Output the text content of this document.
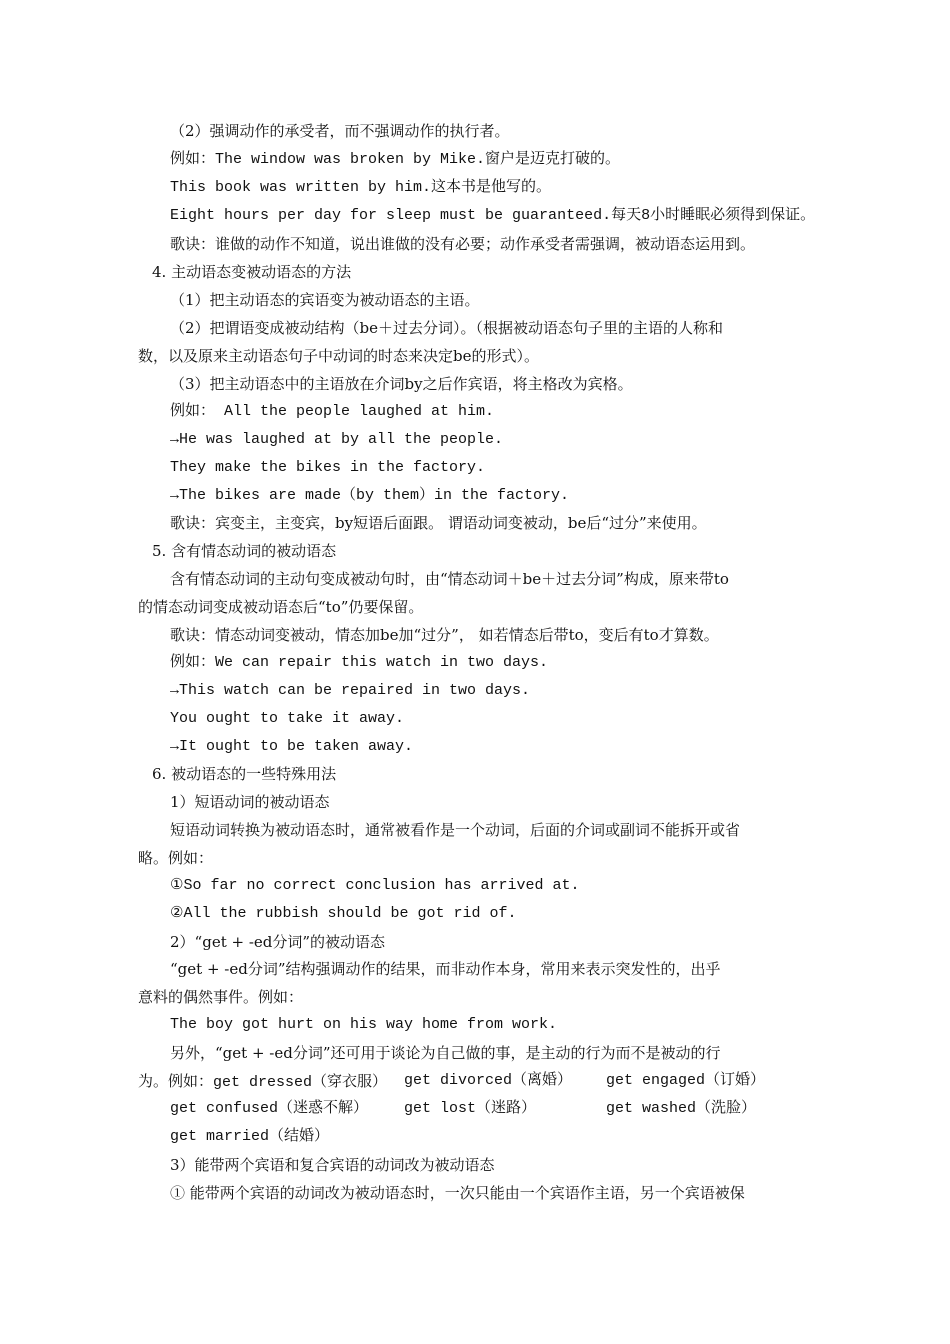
（2）强调动作的承受者，而不强调动作的执行者。
例如：The window was broken by Mike.窗户是迈克打破的。
This book was written by him.这本书是他写的。
Eight hours per day for sleep must be guaranteed.每天8小时睡眠必须得到保证。
歌诀：谁做的动作不知道，说出谁做的没有必要；动作承受者需强调，被动语态运用到。
4. 主动语态变被动语态的方法
（1）把主动语态的宾语变为被动语态的主语。
（2）把谓语变成被动结构（be＋过去分词）。（根据被动语态句子里的主语的人称和
数，以及原来主动语态句子中动词的时态来决定be的形式）。
（3）把主动语态中的主语放在介词by之后作宾语，将主格改为宾格。
例如： All the people laughed at him.
→He was laughed at by all the people.
They make the bikes in the factory.
→The bikes are made（by them）in the factory.
歌诀：宾变主，主变宾，by短语后面跟。 谓语动词变被动，be后“过分”来使用。
5. 含有情态动词的被动语态
含有情态动词的主动句变成被动句时，由“情态动词＋be＋过去分词”构成，原来带to
的情态动词变成被动语态后“to”仍要保留。
歌诀：情态动词变被动，情态加be加“过分”， 如若情态后带to，变后有to才算数。
例如：We can repair this watch in two days.
→This watch can be repaired in two days.
You ought to take it away.
→It ought to be taken away.
6. 被动语态的一些特殊用法
1）短语动词的被动语态
短语动词转换为被动语态时，通常被看作是一个动词，后面的介词或副词不能拆开或省
略。例如：
①So far no correct conclusion has arrived at.
②All the rubbish should be got rid of.
2）“get + -ed分词”的被动语态
“get + -ed分词”结构强调动作的结果，而非动作本身，常用来表示突发性的，出乎
意料的偶然事件。例如：
The boy got hurt on his way home from work.
另外，“get + -ed分词”还可用于谈论为自己做的事，是主动的行为而不是被动的行
为。例如：get dressed（穿衣服） get divorced（离婚） get engaged（订婚）
get confused（迷惑不解） get lost（迷路）	get washed（洗脸）
get married（结婚）
3）能带两个宾语和复合宾语的动词改为被动语态
① 能带两个宾语的动词改为被动语态时，一次只能由一个宾语作主语，另一个宾语被保
